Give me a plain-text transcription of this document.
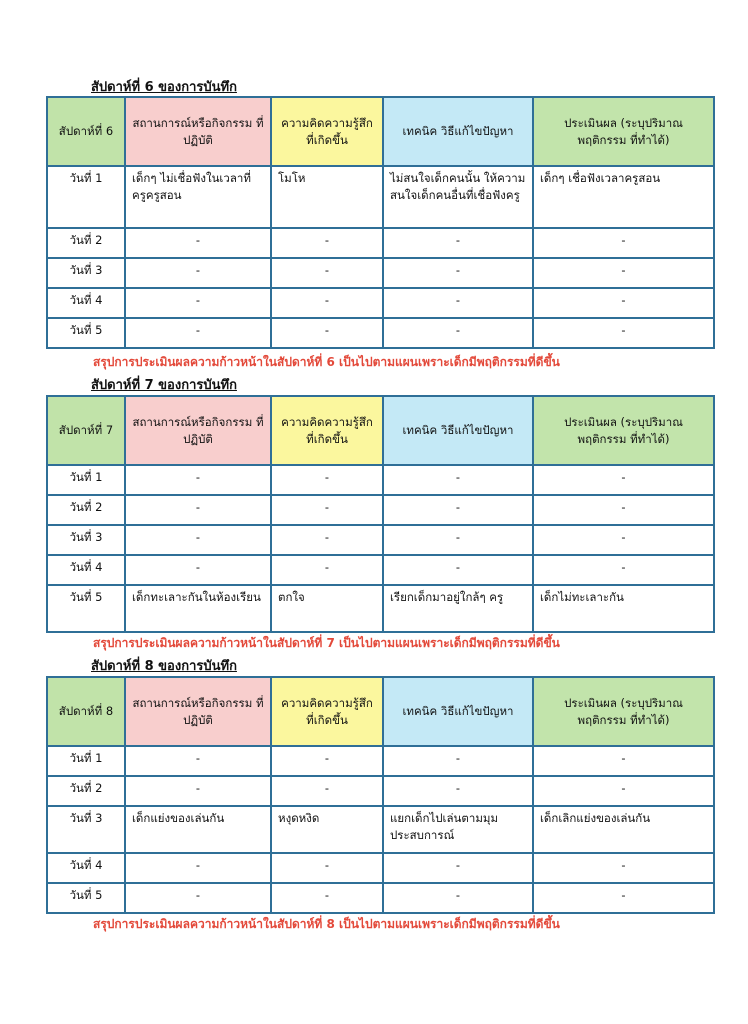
สัปดาห์ที่ 6 ของการบันทึก
สัปดาห์ที่ 6	สถานการณ์หรือกิจกรรม ที่ปฏิบัติ	ความคิดความรู้สึก ที่เกิดขึ้น	เทคนิค วิธีแก้ไขปัญหา	ประเมินผล (ระบุปริมาณพฤติกรรม ที่ทำได้)
วันที่ 1	เด็กๆ ไม่เชื่อฟังในเวลาที่ครูครูสอน	โมโห	ไม่สนใจเด็กคนนั้น ให้ความสนใจเด็กคนอื่นที่เชื่อฟังครู	เด็กๆ เชื่อฟังเวลาครูสอน
วันที่ 2	-	-	-	-
วันที่ 3	-	-	-	-
วันที่ 4	-	-	-	-
วันที่ 5	-	-	-	-
สรุปการประเมินผลความก้าวหน้าในสัปดาห์ที่ 6 เป็นไปตามแผนเพราะเด็กมีพฤติกรรมที่ดีขึ้น
สัปดาห์ที่ 7 ของการบันทึก
สัปดาห์ที่ 7	สถานการณ์หรือกิจกรรม ที่ปฏิบัติ	ความคิดความรู้สึก ที่เกิดขึ้น	เทคนิค วิธีแก้ไขปัญหา	ประเมินผล (ระบุปริมาณพฤติกรรม ที่ทำได้)
วันที่ 1	-	-	-	-
วันที่ 2	-	-	-	-
วันที่ 3	-	-	-	-
วันที่ 4	-	-	-	-
วันที่ 5	เด็กทะเลาะกันในห้องเรียน	ตกใจ	เรียกเด็กมาอยู่ใกล้ๆ ครู	เด็กไม่ทะเลาะกัน
สรุปการประเมินผลความก้าวหน้าในสัปดาห์ที่ 7 เป็นไปตามแผนเพราะเด็กมีพฤติกรรมที่ดีขึ้น
สัปดาห์ที่ 8 ของการบันทึก
สัปดาห์ที่ 8	สถานการณ์หรือกิจกรรม ที่ปฏิบัติ	ความคิดความรู้สึก ที่เกิดขึ้น	เทคนิค วิธีแก้ไขปัญหา	ประเมินผล (ระบุปริมาณพฤติกรรม ที่ทำได้)
วันที่ 1	-	-	-	-
วันที่ 2	-	-	-	-
วันที่ 3	เด็กแย่งของเล่นกัน	หงุดหงิด	แยกเด็กไปเล่นตามมุมประสบการณ์	เด็กเลิกแย่งของเล่นกัน
วันที่ 4	-	-	-	-
วันที่ 5	-	-	-	-
สรุปการประเมินผลความก้าวหน้าในสัปดาห์ที่ 8 เป็นไปตามแผนเพราะเด็กมีพฤติกรรมที่ดีขึ้น
